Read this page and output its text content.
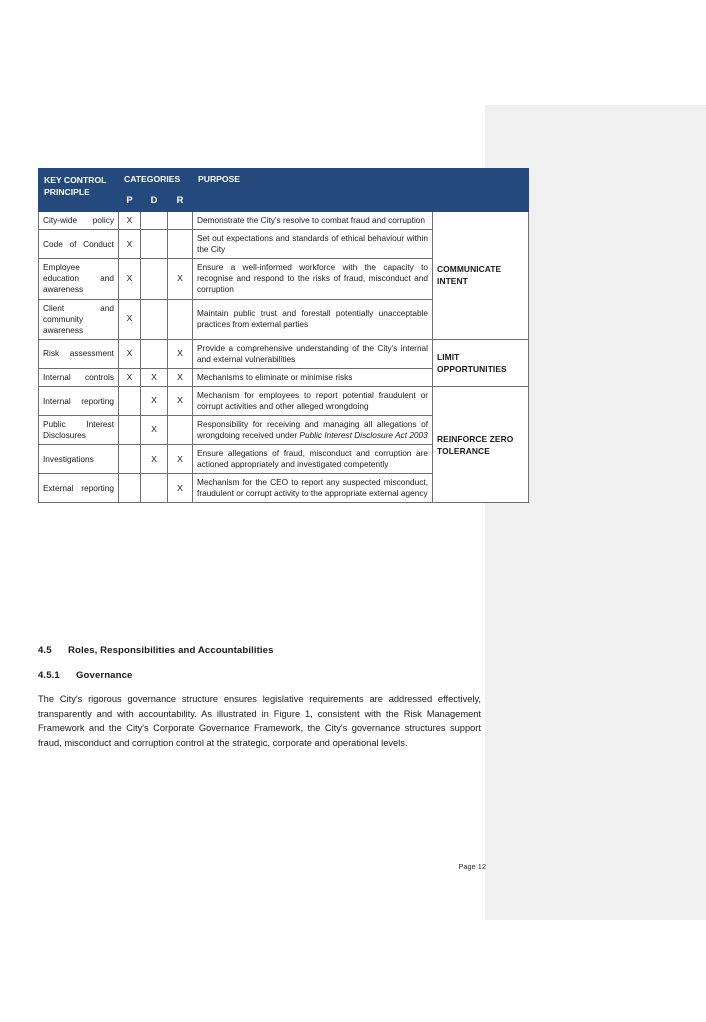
KEY CONTROL PRINCIPLE	CATEGORIES			PURPOSE	
	P	D	R		
City-wide policy	X			Demonstrate the City's resolve to combat fraud and corruption	COMMUNICATE INTENT
Code of Conduct	X			Set out expectations and standards of ethical behaviour within the City	
Employee education and awareness	X		X	Ensure a well-informed workforce with the capacity to recognise and respond to the risks of fraud, misconduct and corruption	
Client and community awareness	X			Maintain public trust and forestall potentially unacceptable practices from external parties	
Risk assessment	X		X	Provide a comprehensive understanding of the City's internal and external vulnerabilities	LIMIT OPPORTUNITIES
Internal controls	X	X	X	Mechanisms to eliminate or minimise risks	
Internal reporting		X	X	Mechanism for employees to report potential fraudulent or corrupt activities and other alleged wrongdoing	REINFORCE ZERO TOLERANCE
Public Interest Disclosures		X		Responsibility for receiving and managing all allegations of wrongdoing received under Public Interest Disclosure Act 2003	
Investigations		X	X	Ensure allegations of fraud, misconduct and corruption are actioned appropriately and investigated competently	
External reporting			X	Mechanism for the CEO to report any suspected misconduct, fraudulent or corrupt activity to the appropriate external agency	
4.5 Roles, Responsibilities and Accountabilities
4.5.1 Governance
The City's rigorous governance structure ensures legislative requirements are addressed effectively, transparently and with accountability. As illustrated in Figure 1, consistent with the Risk Management Framework and the City's Corporate Governance Framework, the City's governance structures support fraud, misconduct and corruption control at the strategic, corporate and operational levels.
Page 12
